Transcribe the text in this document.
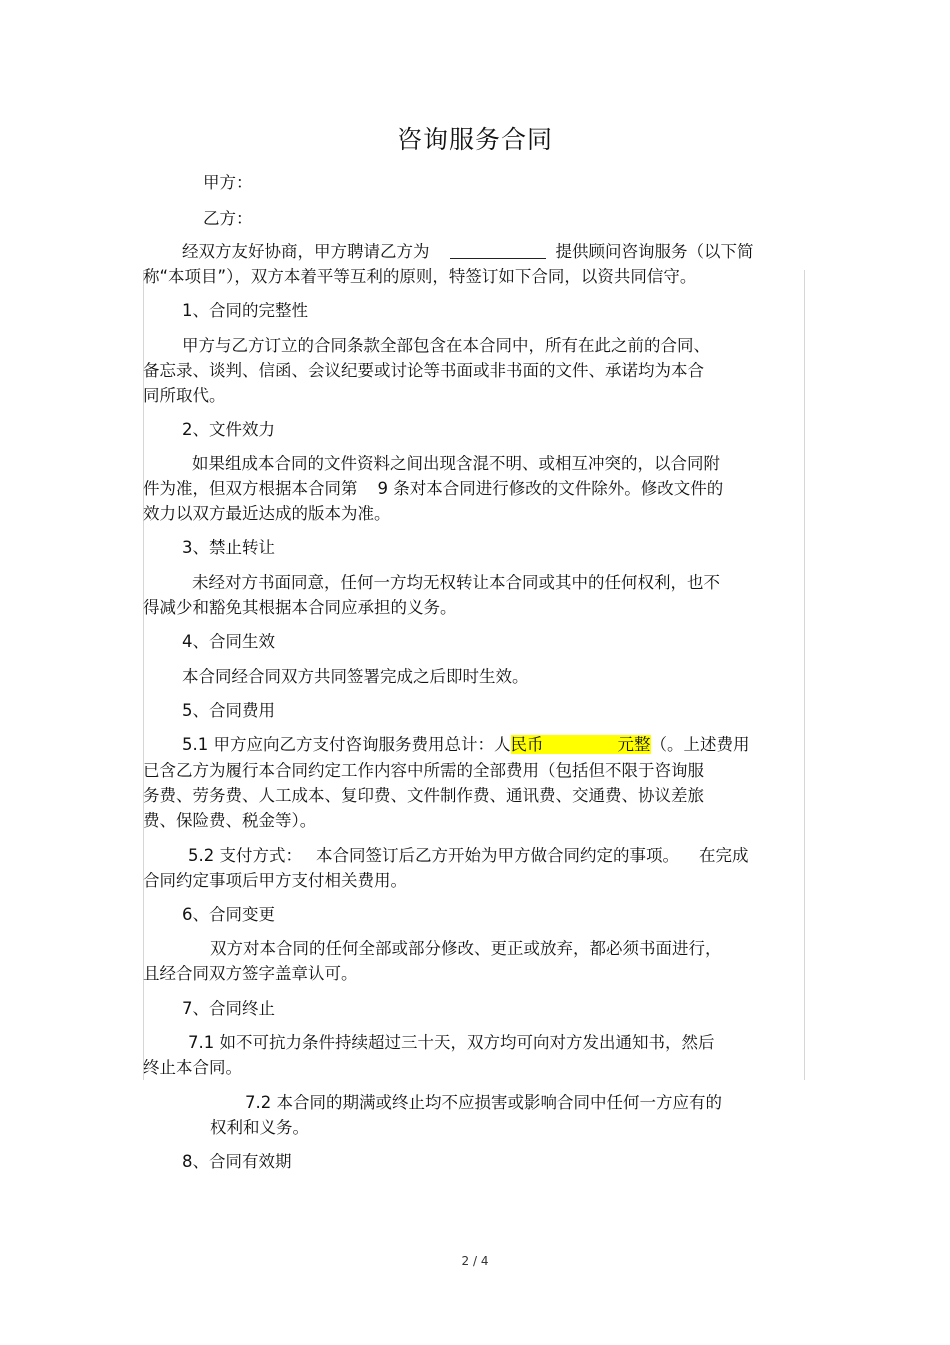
咨询服务合同
甲方：
乙方：
经双方友好协商，甲方聘请乙方为	提供顾问咨询服务（以下简
称“本项目”），双方本着平等互利的原则，特签订如下合同，以资共同信守。
1、合同的完整性
甲方与乙方订立的合同条款全部包含在本合同中，所有在此之前的合同、
备忘录、谈判、信函、会议纪要或讨论等书面或非书面的文件、承诺均为本合
同所取代。
2、文件效力
如果组成本合同的文件资料之间出现含混不明、或相互冲突的，以合同附
件为准，但双方根据本合同第 9 条对本合同进行修改的文件除外。修改文件的
效力以双方最近达成的版本为准。
3、禁止转让
未经对方书面同意，任何一方均无权转让本合同或其中的任何权利，也不
得减少和豁免其根据本合同应承担的义务。
4、合同生效
本合同经合同双方共同签署完成之后即时生效。
5、合同费用
5.1 甲方应向乙方支付咨询服务费用总计：人民币	元整（。上述费用
已含乙方为履行本合同约定工作内容中所需的全部费用（包括但不限于咨询服
务费、劳务费、人工成本、复印费、文件制作费、通讯费、交通费、协议差旅
费、保险费、税金等）。
5.2 支付方式： 本合同签订后乙方开始为甲方做合同约定的事项。 在完成
合同约定事项后甲方支付相关费用。
6、合同变更
双方对本合同的任何全部或部分修改、更正或放弃，都必须书面进行，
且经合同双方签字盖章认可。
7、合同终止
7.1 如不可抗力条件持续超过三十天，双方均可向对方发出通知书，然后
终止本合同。
7.2 本合同的期满或终止均不应损害或影响合同中任何一方应有的
权利和义务。
8、合同有效期
2 / 4
